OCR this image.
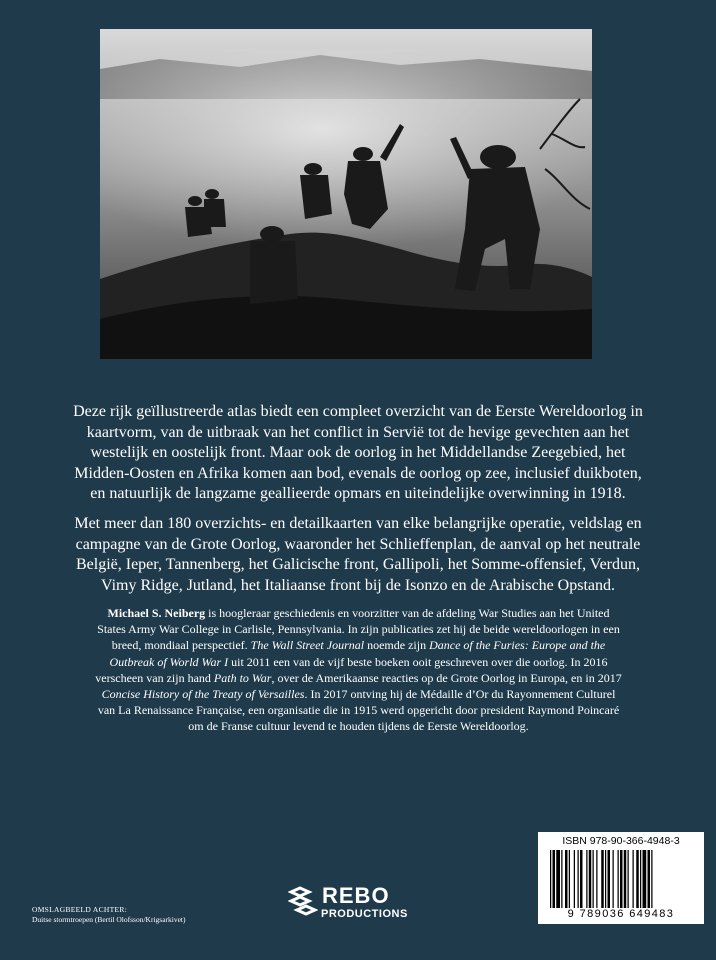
Deze rijk geïllustreerde atlas biedt een compleet overzicht van de Eerste Wereldoorlog in kaartvorm, van de uitbraak van het conflict in Servië tot de hevige gevechten aan het westelijk en oostelijk front. Maar ook de oorlog in het Middellandse Zeegebied, het Midden-Oosten en Afrika komen aan bod, evenals de oorlog op zee, inclusief duikboten, en natuurlijk de langzame geallieerde opmars en uiteindelijke overwinning in 1918.

Met meer dan 180 overzichts- en detailkaarten van elke belangrijke operatie, veldslag en campagne van de Grote Oorlog, waaronder het Schlieffenplan, de aanval op het neutrale België, Ieper, Tannenberg, het Galicische front, Gallipoli, het Somme-offensief, Verdun, Vimy Ridge, Jutland, het Italiaanse front bij de Isonzo en de Arabische Opstand.

Michael S. Neiberg is hoogleraar geschiedenis en voorzitter van de afdeling War Studies aan het United States Army War College in Carlisle, Pennsylvania. In zijn publicaties zet hij de beide wereldoorlogen in een breed, mondiaal perspectief. The Wall Street Journal noemde zijn Dance of the Furies: Europe and the Outbreak of World War I uit 2011 een van de vijf beste boeken ooit geschreven over die oorlog. In 2016 verscheen van zijn hand Path to War, over de Amerikaanse reacties op de Grote Oorlog in Europa, en in 2017 Concise History of the Treaty of Versailles. In 2017 ontving hij de Médaille d’Or du Rayonnement Culturel van La Renaissance Française, een organisatie die in 1915 werd opgericht door president Raymond Poincaré om de Franse cultuur levend te houden tijdens de Eerste Wereldoorlog.

OMSLAGBEELD ACHTER:
Duitse stormtroepen (Bertil Olofsson/Krigsarkivet)
REBO
PRODUCTIONS
ISBN 978-90-366-4948-3
9 789036 649483
